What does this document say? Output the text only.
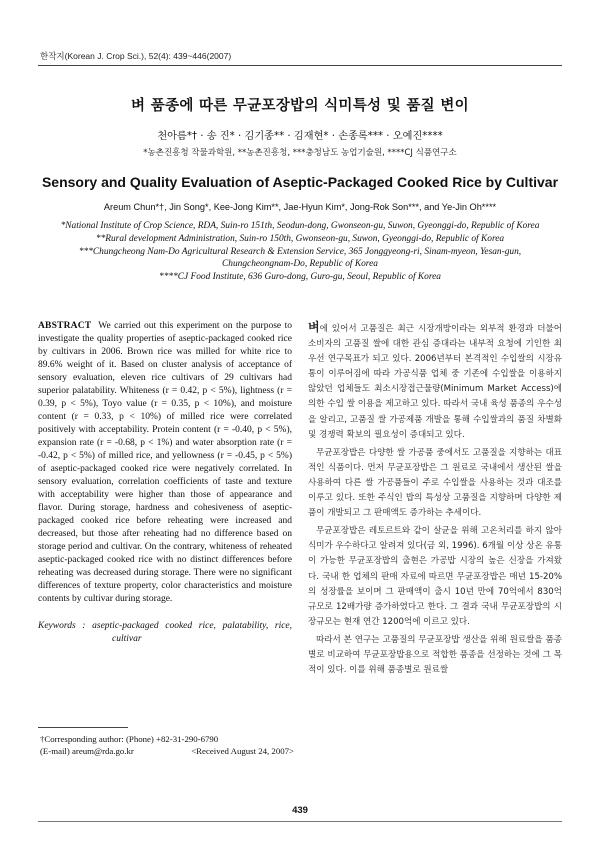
한작지(Korean J. Crop Sci.), 52(4): 439~446(2007)
벼 품종에 따른 무균포장밥의 식미특성 및 품질 변이
천아름*† · 송 진* · 김기종** · 김재현* · 손종록*** · 오예진****
*농촌진흥청 작물과학원, **농촌진흥청, ***충청남도 농업기술원, ****CJ 식품연구소
Sensory and Quality Evaluation of Aseptic-Packaged Cooked Rice by Cultivar
Areum Chun*†, Jin Song*, Kee-Jong Kim**, Jae-Hyun Kim*, Jong-Rok Son***, and Ye-Jin Oh****

*National Institute of Crop Science, RDA, Suin-ro 151th, Seodun-dong, Gwonseon-gu, Suwon, Gyeonggi-do, Republic of Korea

**Rural development Administration, Suin-ro 150th, Gwonseon-gu, Suwon, Gyeonggi-do, Republic of Korea

***Chungcheong Nam-Do Agricultural Research & Extension Service, 365 Jonggyeong-ri, Sinam-myeon, Yesan-gun, Chungcheongnam-Do, Republic of Korea

****CJ Food Institute, 636 Guro-dong, Guro-gu, Seoul, Republic of Korea

ABSTRACT We carried out this experiment on the purpose to investigate the quality properties of aseptic-packaged cooked rice by cultivars in 2006. Brown rice was milled for white rice to 89.6% weight of it. Based on cluster analysis of acceptance of sensory evaluation, eleven rice cultivars of 29 cultivars had superior palatability. Whiteness (r = 0.42, p < 5%), lightness (r = 0.39, p < 5%), Toyo value (r = 0.35, p < 10%), and moisture content (r = 0.33, p < 10%) of milled rice were correlated positively with acceptability. Protein content (r = -0.40, p < 5%), expansion rate (r = -0.68, p < 1%) and water absorption rate (r = -0.42, p < 5%) of milled rice, and yellowness (r = -0.45, p < 5%) of aseptic-packaged cooked rice were negatively correlated. In sensory evaluation, correlation coefficients of taste and texture with acceptability were higher than those of appearance and flavor. During storage, hardness and cohesiveness of aseptic-packaged cooked rice before reheating were increased and decreased, but those after reheating had no difference based on storage period and cultivar. On the contrary, whiteness of reheated aseptic-packaged cooked rice with no distinct differences before reheating was decreased during storage. There were no significant differences of texture property, color characteristics and moisture contents by cultivar during storage.

Keywords : aseptic-packaged cooked rice, palatability, rice, cultivar

†Corresponding author: (Phone) +82-31-290-6790
(E-mail) areum@rda.go.kr	<Received August 24, 2007>

벼에 있어서 고품질은 최근 시장개방이라는 외부적 환경과 더불어 소비자의 고품질 쌀에 대한 관심 증대라는 내부적 요청에 기인한 최우선 연구목표가 되고 있다. 2006년부터 본격적인 수입쌀의 시장유통이 이루어짐에 따라 가공식품 업체 중 기존에 수입쌀을 이용하지 않았던 업체들도 최소시장접근물량(Minimum Market Access)에 의한 수입 쌀 이용을 제고하고 있다. 따라서 국내 육성 품종의 우수성을 알리고, 고품질 쌀 가공제품 개발을 통해 수입쌀과의 품질 차별화 및 경쟁력 확보의 필요성이 증대되고 있다.

무균포장밥은 다양한 쌀 가공품 중에서도 고품질을 지향하는 대표적인 식품이다. 먼저 무균포장밥은 그 원료로 국내에서 생산된 쌀을 사용하여 다른 쌀 가공품들이 주로 수입쌀을 사용하는 것과 대조를 이루고 있다. 또한 주식인 밥의 특성상 고품질을 지향하며 다양한 제품이 개발되고 그 판매액도 증가하는 추세이다.

무균포장밥은 레토르트와 같이 살균을 위해 고온처리를 하지 않아 식미가 우수하다고 알려져 있다(금 외, 1996). 6개월 이상 상온 유통이 가능한 무균포장밥의 출현은 가공밥 시장의 높은 신장을 가져왔다. 국내 한 업체의 판매 자료에 따르면 무균포장밥은 매년 15-20%의 성장률을 보이며 그 판매액이 출시 10년 만에 70억에서 830억 규모로 12배가량 증가하였다고 한다. 그 결과 국내 무균포장밥의 시장규모는 현재 연간 1200억에 이르고 있다.

따라서 본 연구는 고품질의 무균포장밥 생산을 위해 원료쌀을 품종별로 비교하여 무균포장밥용으로 적합한 품종을 선정하는 것에 그 목적이 있다. 이를 위해 품종별로 원료쌀

439
